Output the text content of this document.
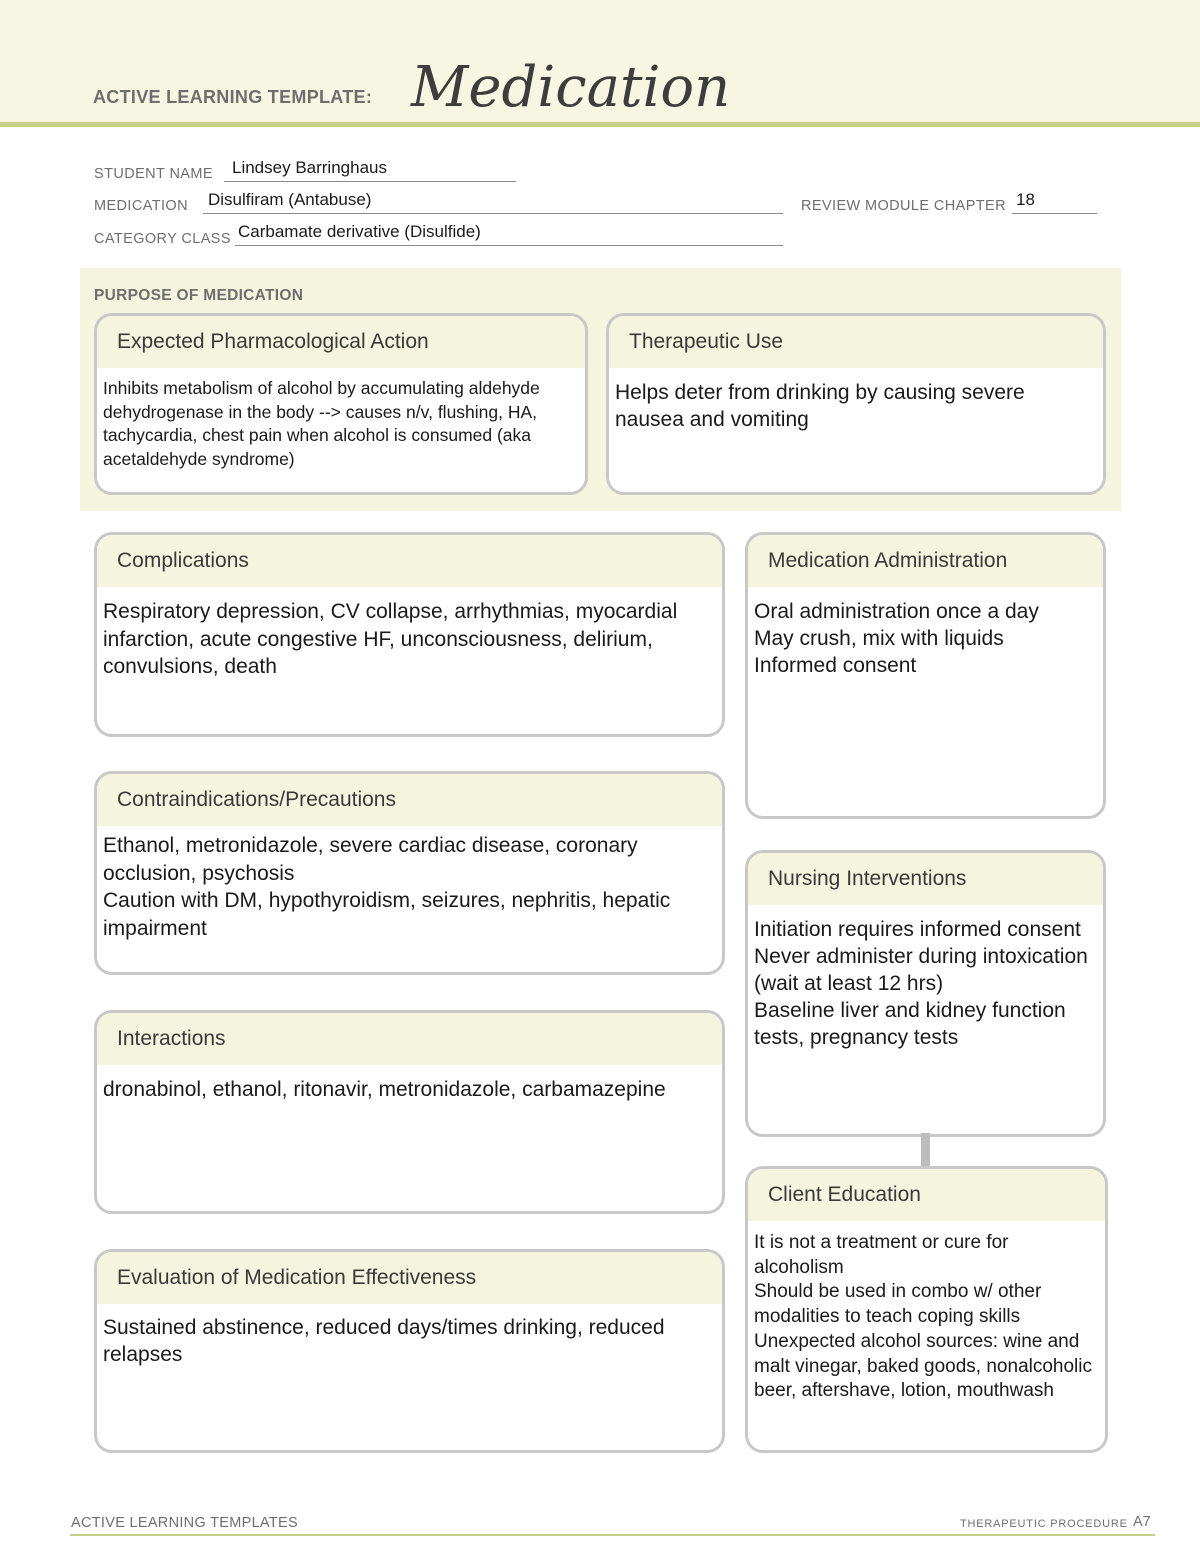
ACTIVE LEARNING TEMPLATE: Medication
STUDENT NAME Lindsey Barringhaus
MEDICATION Disulfiram (Antabuse)	REVIEW MODULE CHAPTER 18
CATEGORY CLASS Carbamate derivative (Disulfide)
PURPOSE OF MEDICATION
Expected Pharmacological Action
Inhibits metabolism of alcohol by accumulating aldehyde dehydrogenase in the body --> causes n/v, flushing, HA, tachycardia, chest pain when alcohol is consumed (aka acetaldehyde syndrome)
Therapeutic Use
Helps deter from drinking by causing severe nausea and vomiting
Complications
Respiratory depression, CV collapse, arrhythmias, myocardial infarction, acute congestive HF, unconsciousness, delirium, convulsions, death
Contraindications/Precautions
Ethanol, metronidazole, severe cardiac disease, coronary occlusion, psychosis
Caution with DM, hypothyroidism, seizures, nephritis, hepatic impairment
Interactions
dronabinol, ethanol, ritonavir, metronidazole, carbamazepine
Evaluation of Medication Effectiveness
Sustained abstinence, reduced days/times drinking, reduced relapses
Medication Administration
Oral administration once a day
May crush, mix with liquids
Informed consent
Nursing Interventions
Initiation requires informed consent
Never administer during intoxication (wait at least 12 hrs)
Baseline liver and kidney function tests, pregnancy tests
Client Education
It is not a treatment or cure for alcoholism
Should be used in combo w/ other modalities to teach coping skills
Unexpected alcohol sources: wine and malt vinegar, baked goods, nonalcoholic beer, aftershave, lotion, mouthwash
ACTIVE LEARNING TEMPLATES	THERAPEUTIC PROCEDURE A7
